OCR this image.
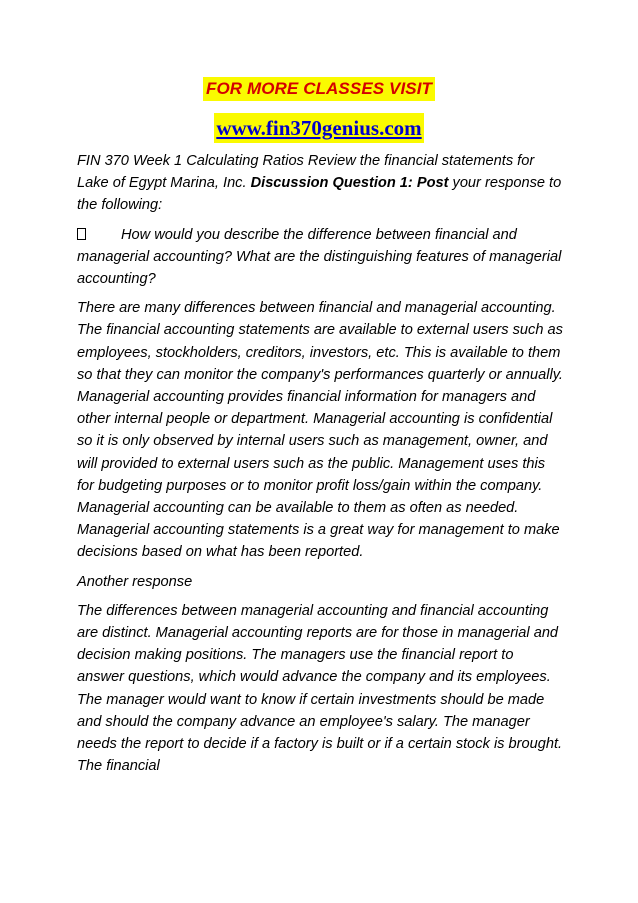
FOR MORE CLASSES VISIT
www.fin370genius.com

FIN 370 Week 1 Calculating Ratios Review the financial statements for Lake of Egypt Marina, Inc. Discussion Question 1: Post your response to the following:

How would you describe the difference between financial and managerial accounting? What are the distinguishing features of managerial accounting?

There are many differences between financial and managerial accounting. The financial accounting statements are available to external users such as employees, stockholders, creditors, investors, etc. This is available to them so that they can monitor the company's performances quarterly or annually. Managerial accounting provides financial information for managers and other internal people or department. Managerial accounting is confidential so it is only observed by internal users such as management, owner, and will provided to external users such as the public. Management uses this for budgeting purposes or to monitor profit loss/gain within the company. Managerial accounting can be available to them as often as needed. Managerial accounting statements is a great way for management to make decisions based on what has been reported.

Another response

The differences between managerial accounting and financial accounting are distinct. Managerial accounting reports are for those in managerial and decision making positions. The managers use the financial report to answer questions, which would advance the company and its employees. The manager would want to know if certain investments should be made and should the company advance an employee's salary. The manager needs the report to decide if a factory is built or if a certain stock is brought. The financial
